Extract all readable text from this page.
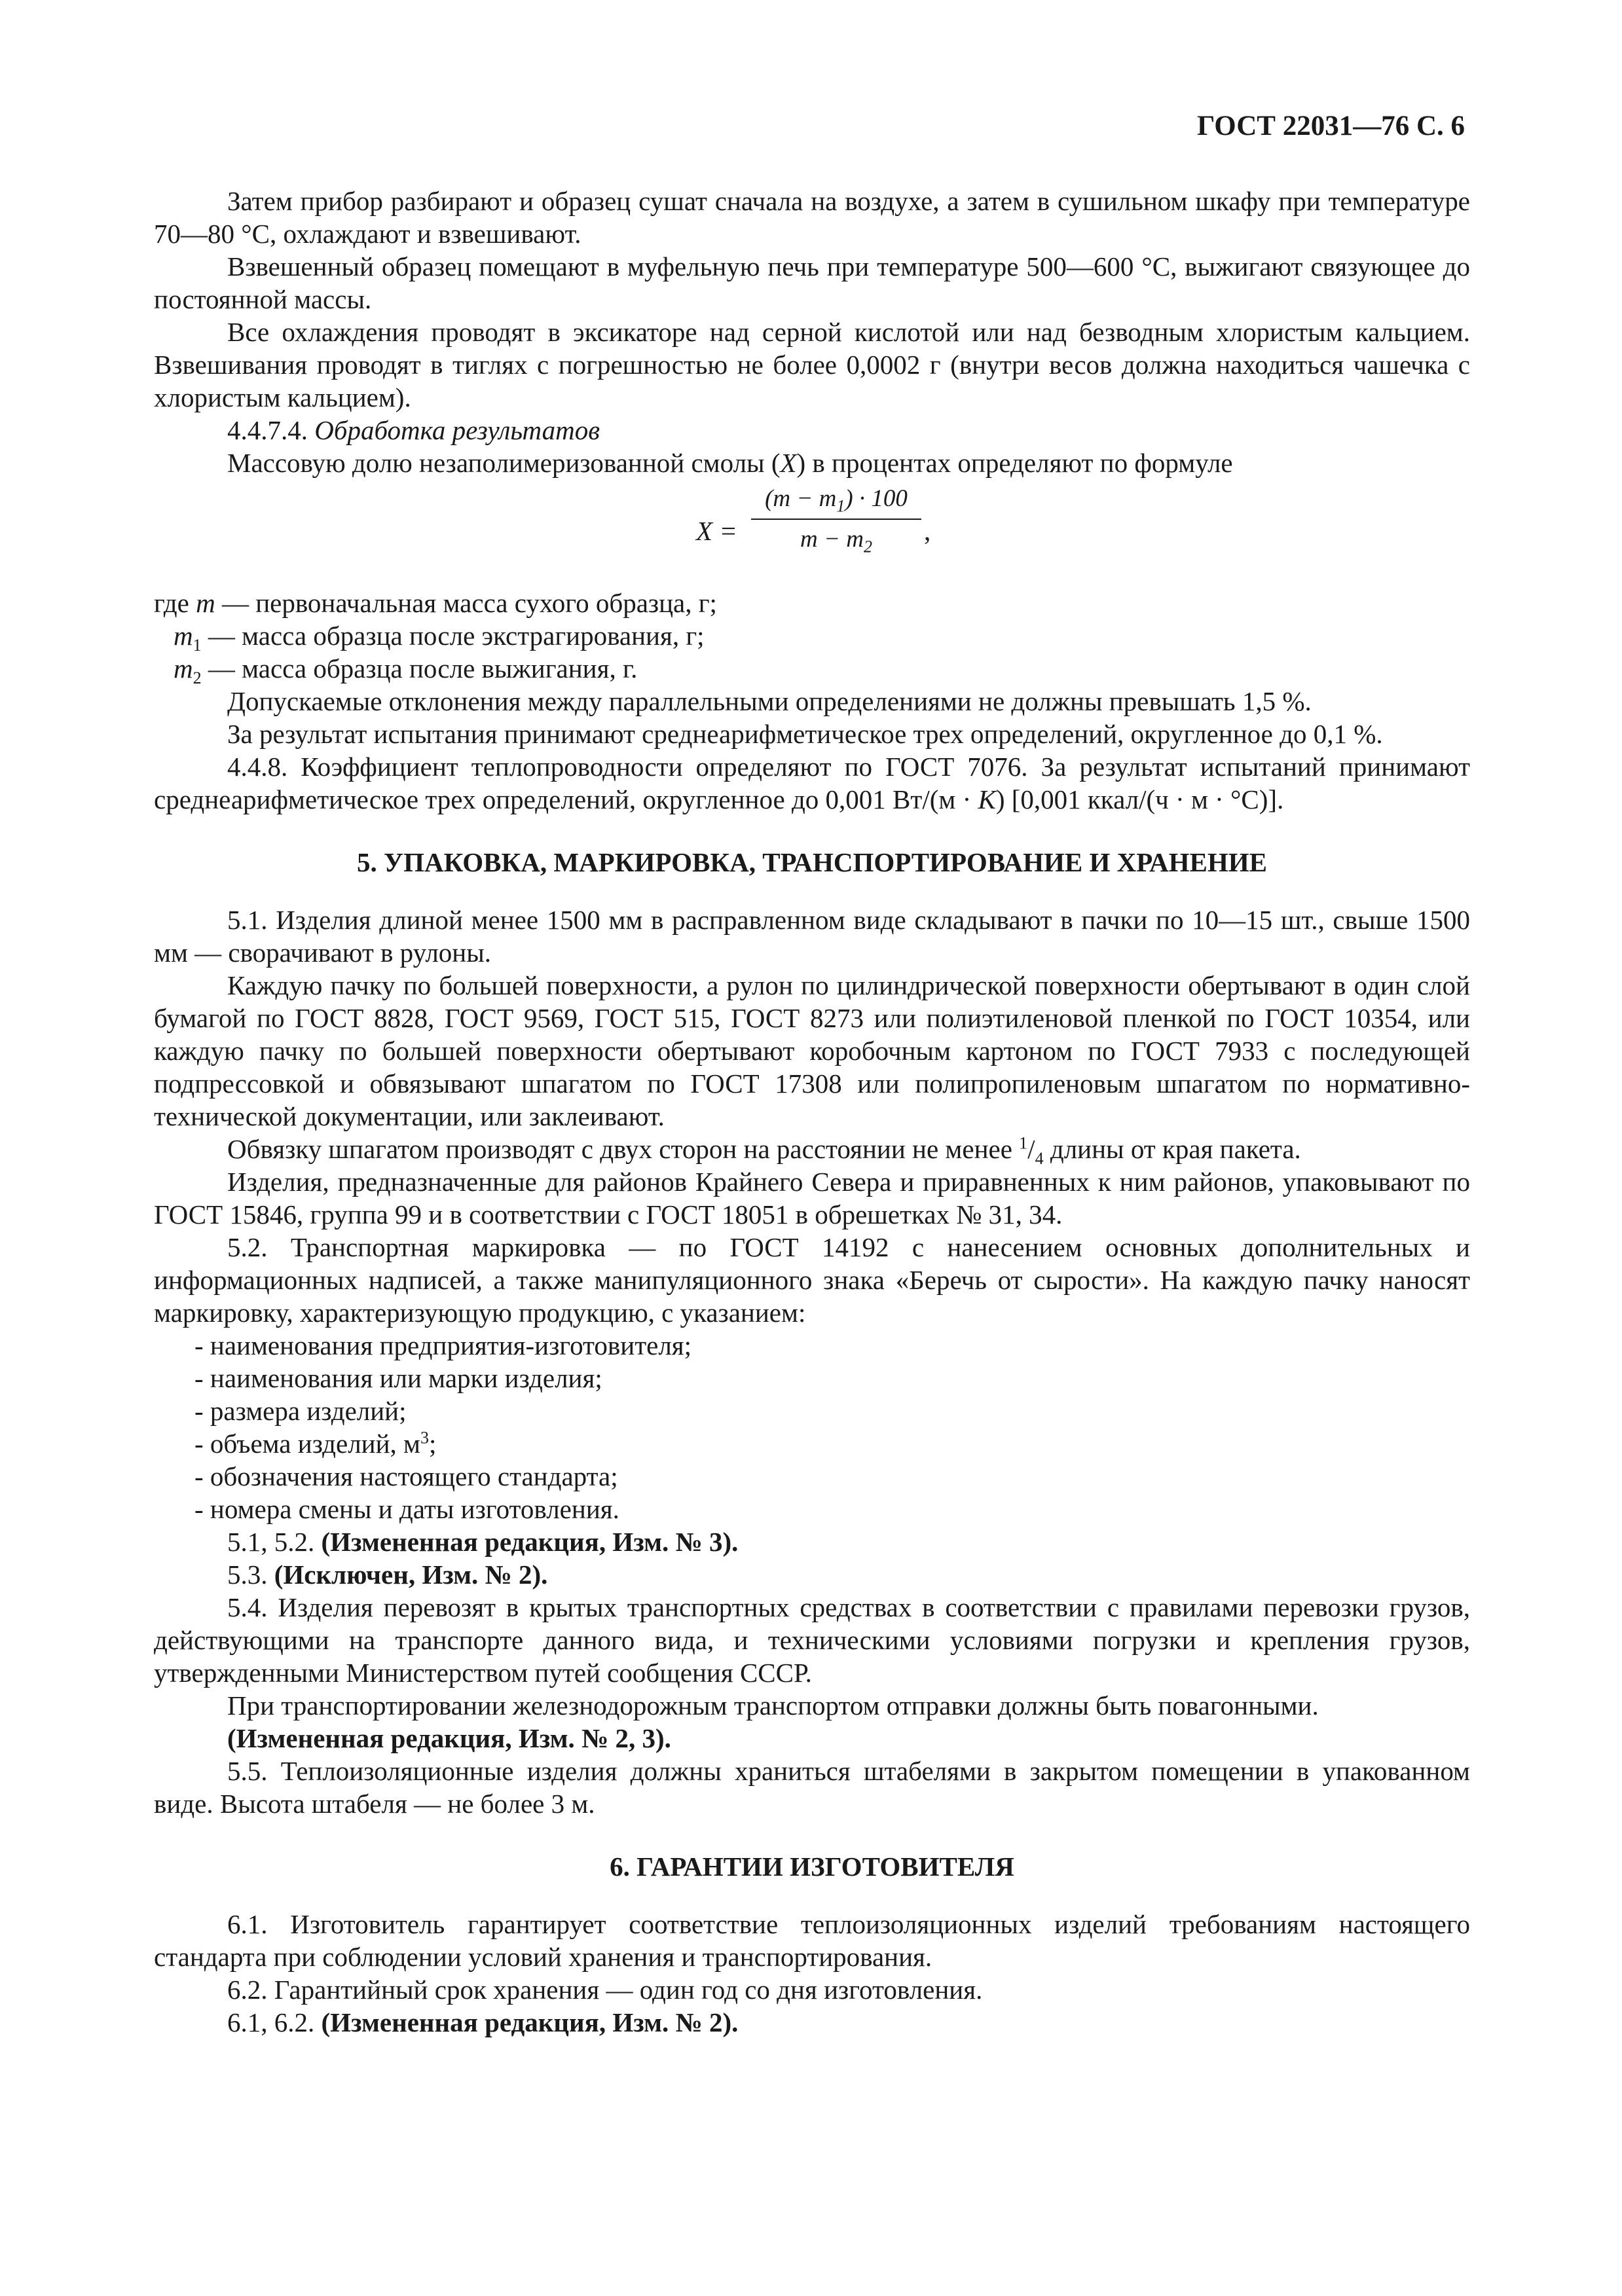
ГОСТ 22031—76 С. 6

Затем прибор разбирают и образец сушат сначала на воздухе, а затем в сушильном шкафу при температуре 70—80 °С, охлаждают и взвешивают.

Взвешенный образец помещают в муфельную печь при температуре 500—600 °С, выжигают связующее до постоянной массы.

Все охлаждения проводят в эксикаторе над серной кислотой или над безводным хлористым кальцием. Взвешивания проводят в тиглях с погрешностью не более 0,0002 г (внутри весов должна находиться чашечка с хлористым кальцием).

4.4.7.4. Обработка результатов

Массовую долю незаполимеризованной смолы (X) в процентах определяют по формуле

X =
$(m - m_1) \cdot 100$
$m - m_2$
,

где m — первоначальная масса сухого образца, г;

$m_1$ — масса образца после экстрагирования, г;

$m_2$ — масса образца после выжигания, г.

Допускаемые отклонения между параллельными определениями не должны превышать 1,5 %.

За результат испытания принимают среднеарифметическое трех определений, округленное до 0,1 %.

4.4.8. Коэффициент теплопроводности определяют по ГОСТ 7076. За результат испытаний принимают среднеарифметическое трех определений, округленное до 0,001 Вт/(м · K) [0,001 ккал/(ч · м · °С)].

5. УПАКОВКА, МАРКИРОВКА, ТРАНСПОРТИРОВАНИЕ И ХРАНЕНИЕ

5.1. Изделия длиной менее 1500 мм в расправленном виде складывают в пачки по 10—15 шт., свыше 1500 мм — сворачивают в рулоны.

Каждую пачку по большей поверхности, а рулон по цилиндрической поверхности обертывают в один слой бумагой по ГОСТ 8828, ГОСТ 9569, ГОСТ 515, ГОСТ 8273 или полиэтиленовой пленкой по ГОСТ 10354, или каждую пачку по большей поверхности обертывают коробочным картоном по ГОСТ 7933 с последующей подпрессовкой и обвязывают шпагатом по ГОСТ 17308 или полипропиленовым шпагатом по нормативно-технической документации, или заклеивают.

Обвязку шпагатом производят с двух сторон на расстоянии не менее $^1/_4$ длины от края пакета.

Изделия, предназначенные для районов Крайнего Севера и приравненных к ним районов, упаковывают по ГОСТ 15846, группа 99 и в соответствии с ГОСТ 18051 в обрешетках № 31, 34.

5.2. Транспортная маркировка — по ГОСТ 14192 с нанесением основных дополнительных и информационных надписей, а также манипуляционного знака «Беречь от сырости». На каждую пачку наносят маркировку, характеризующую продукцию, с указанием:

- наименования предприятия-изготовителя;

- наименования или марки изделия;

- размера изделий;

- объема изделий, $м^3$;

- обозначения настоящего стандарта;

- номера смены и даты изготовления.

5.1, 5.2. (Измененная редакция, Изм. № 3).

5.3. (Исключен, Изм. № 2).

5.4. Изделия перевозят в крытых транспортных средствах в соответствии с правилами перевозки грузов, действующими на транспорте данного вида, и техническими условиями погрузки и крепления грузов, утвержденными Министерством путей сообщения СССР.

При транспортировании железнодорожным транспортом отправки должны быть повагонными.

(Измененная редакция, Изм. № 2, 3).

5.5. Теплоизоляционные изделия должны храниться штабелями в закрытом помещении в упакованном виде. Высота штабеля — не более 3 м.

6. ГАРАНТИИ ИЗГОТОВИТЕЛЯ

6.1. Изготовитель гарантирует соответствие теплоизоляционных изделий требованиям настоящего стандарта при соблюдении условий хранения и транспортирования.

6.2. Гарантийный срок хранения — один год со дня изготовления.

6.1, 6.2. (Измененная редакция, Изм. № 2).
